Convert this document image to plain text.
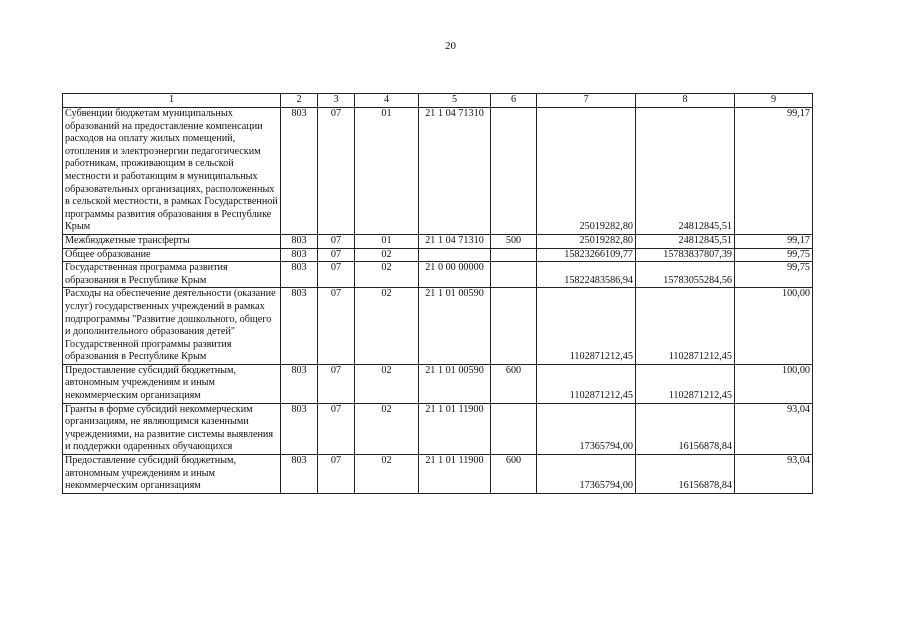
20
1	2	3	4	5	6	7	8	9
Субвенции бюджетам муниципальных образований на предоставление компенсации расходов на оплату жилых помещений, отопления и электроэнергии педагогическим работникам, проживающим в сельской местности и работающим в муниципальных образовательных организациях, расположенных в сельской местности, в рамках Государственной программы развития образования в Республике Крым	803	07	01	21 1 04 71310		25019282,80	24812845,51	99,17
Межбюджетные трансферты	803	07	01	21 1 04 71310	500	25019282,80	24812845,51	99,17
Общее образование	803	07	02			15823266109,77	15783837807,39	99,75
Государственная программа развития образования в Республике Крым	803	07	02	21 0 00 00000		15822483586,94	15783055284,56	99,75
Расходы на обеспечение деятельности (оказание услуг) государственных учреждений в рамках подпрограммы "Развитие дошкольного, общего и дополнительного образования детей" Государственной программы развития образования в Республике Крым	803	07	02	21 1 01 00590		1102871212,45	1102871212,45	100,00
Предоставление субсидий бюджетным, автономным учреждениям и иным некоммерческим организациям	803	07	02	21 1 01 00590	600	1102871212,45	1102871212,45	100,00
Гранты в форме субсидий некоммерческим организациям, не являющимся казенными учреждениями, на развитие системы выявления и поддержки одаренных обучающихся	803	07	02	21 1 01 11900		17365794,00	16156878,84	93,04
Предоставление субсидий бюджетным, автономным учреждениям и иным некоммерческим организациям	803	07	02	21 1 01 11900	600	17365794,00	16156878,84	93,04
